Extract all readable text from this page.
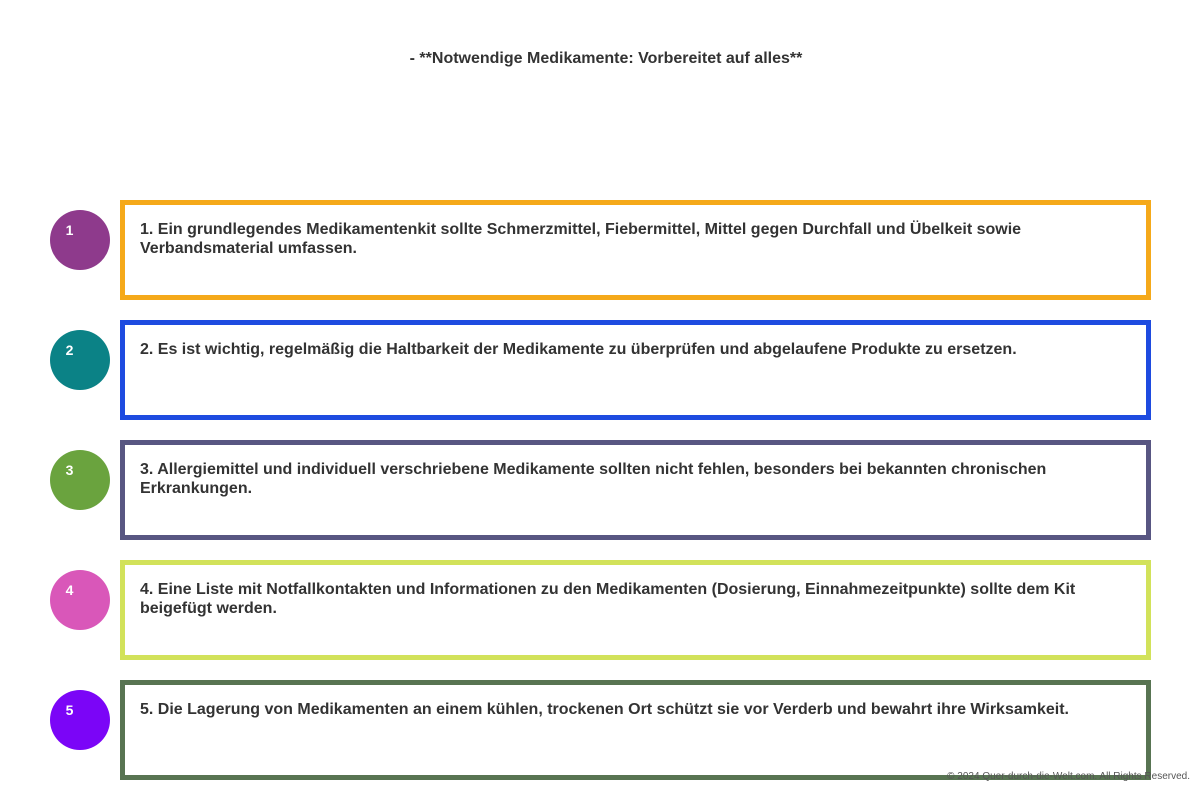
- **Notwendige Medikamente: Vorbereitet auf alles**
1	1. Ein grundlegendes Medikamentenkit sollte Schmerzmittel, Fiebermittel, Mittel gegen Durchfall und Übelkeit sowie Verbandsmaterial umfassen.
2	2. Es ist wichtig, regelmäßig die Haltbarkeit der Medikamente zu überprüfen und abgelaufene Produkte zu ersetzen.
3	3. Allergiemittel und individuell verschriebene Medikamente sollten nicht fehlen, besonders bei bekannten chronischen Erkrankungen.
4	4. Eine Liste mit Notfallkontakten und Informationen zu den Medikamenten (Dosierung, Einnahmezeitpunkte) sollte dem Kit beigefügt werden.
5	5. Die Lagerung von Medikamenten an einem kühlen, trockenen Ort schützt sie vor Verderb und bewahrt ihre Wirksamkeit.
© 2024 Quer-durch-die-Welt.com. All Rights Reserved.
